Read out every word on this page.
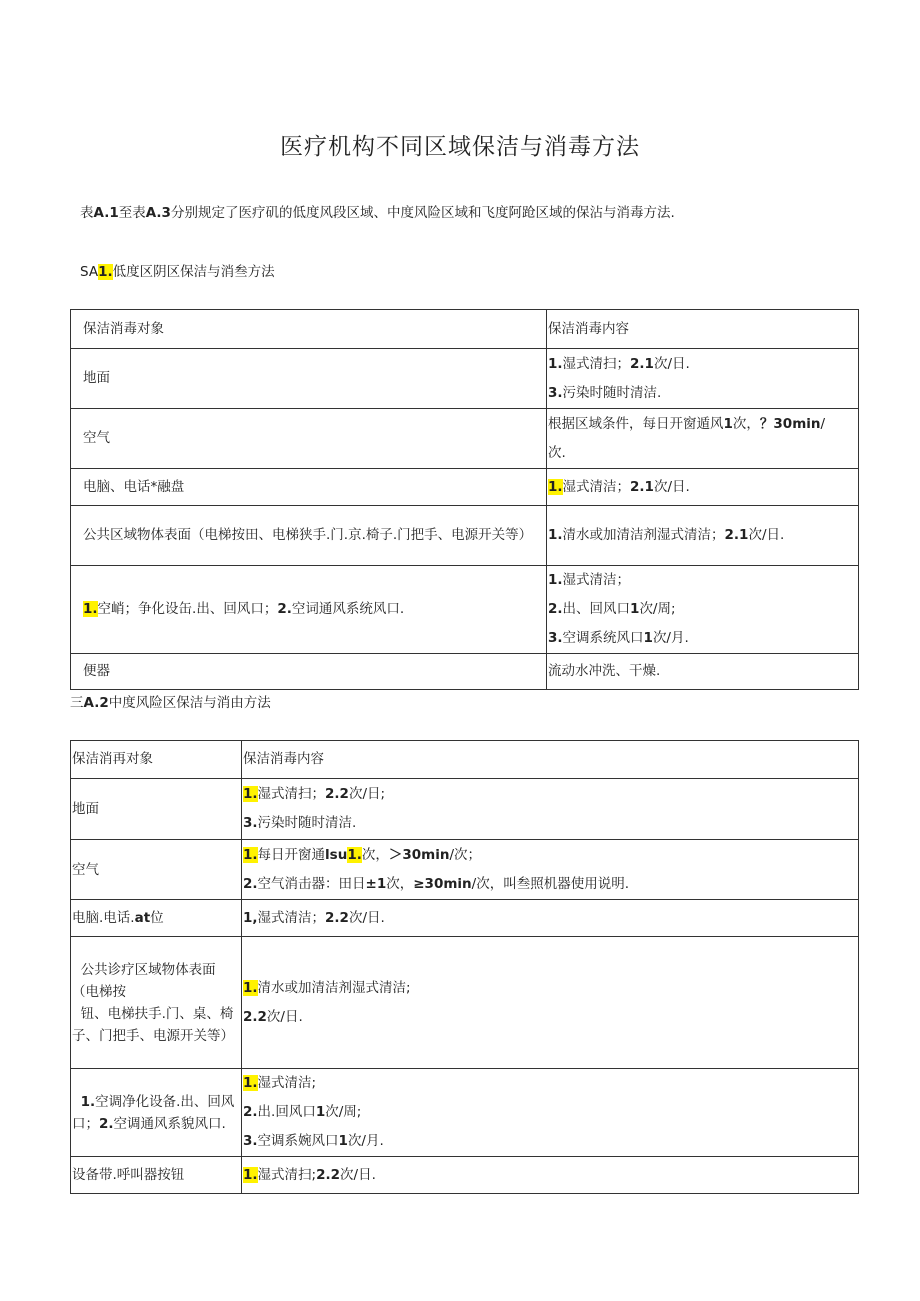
医疗机构不同区域保洁与消毒方法
表A.1至表A.3分别规定了医疗矶的低度风段区域、中度风险区域和飞度阿跄区域的保沾与消毒方法.
SA1.低度区阴区保洁与消叁方法
保洁消毒对象	保洁消毒内容
地面	1.湿式清扫；2.1次/日.
3.污染时随时清洁.

空气	根据区域条件，每日开窗遁风1次，？30min/
次.

电脑、电话*融盘	1.湿式清洁；2.1次/日.

公共区域物体表面（电梯按田、电梯狭手.门.京.椅子.门把手、电源开关等）	1.清水或加清洁剂湿式清洁；2.1次/日.

1.空峭；争化设缶.出、回风口；2.空词通风系统风口.	1.湿式清洁；
2.出、回风口1次/周;
3.空调系统风口1次/月.

便器	流动水冲洗、干燥.
三A.2中度风险区保洁与消由方法
保洁消再对象	保洁消毒内容

地面	1.湿式清扫；2.2次/日;
3.污染时随时清洁.

空气	1.每日开窗通lsu1.次，＞30min/次；
2.空气消击器：田日±1次，≥30min/次，叫叁照机器使用说明.

电脑.电话.at位	1,湿式清洁；2.2次/日.

公共诊疗区域物体表面
（电梯按
钮、电梯扶手.门、桌、椅
子、门把手、电源开关等）	1.清水或加清洁剂湿式清洁;
2.2次/日.

1.空调净化设备.出、回风
口；2.空调通风系貌风口.	1.湿式清洁;
2.出.回风口1次/周;
3.空调系婉风口1次/月.

设备带.呼叫器按钮	1.湿式清扫;2.2次/日.
